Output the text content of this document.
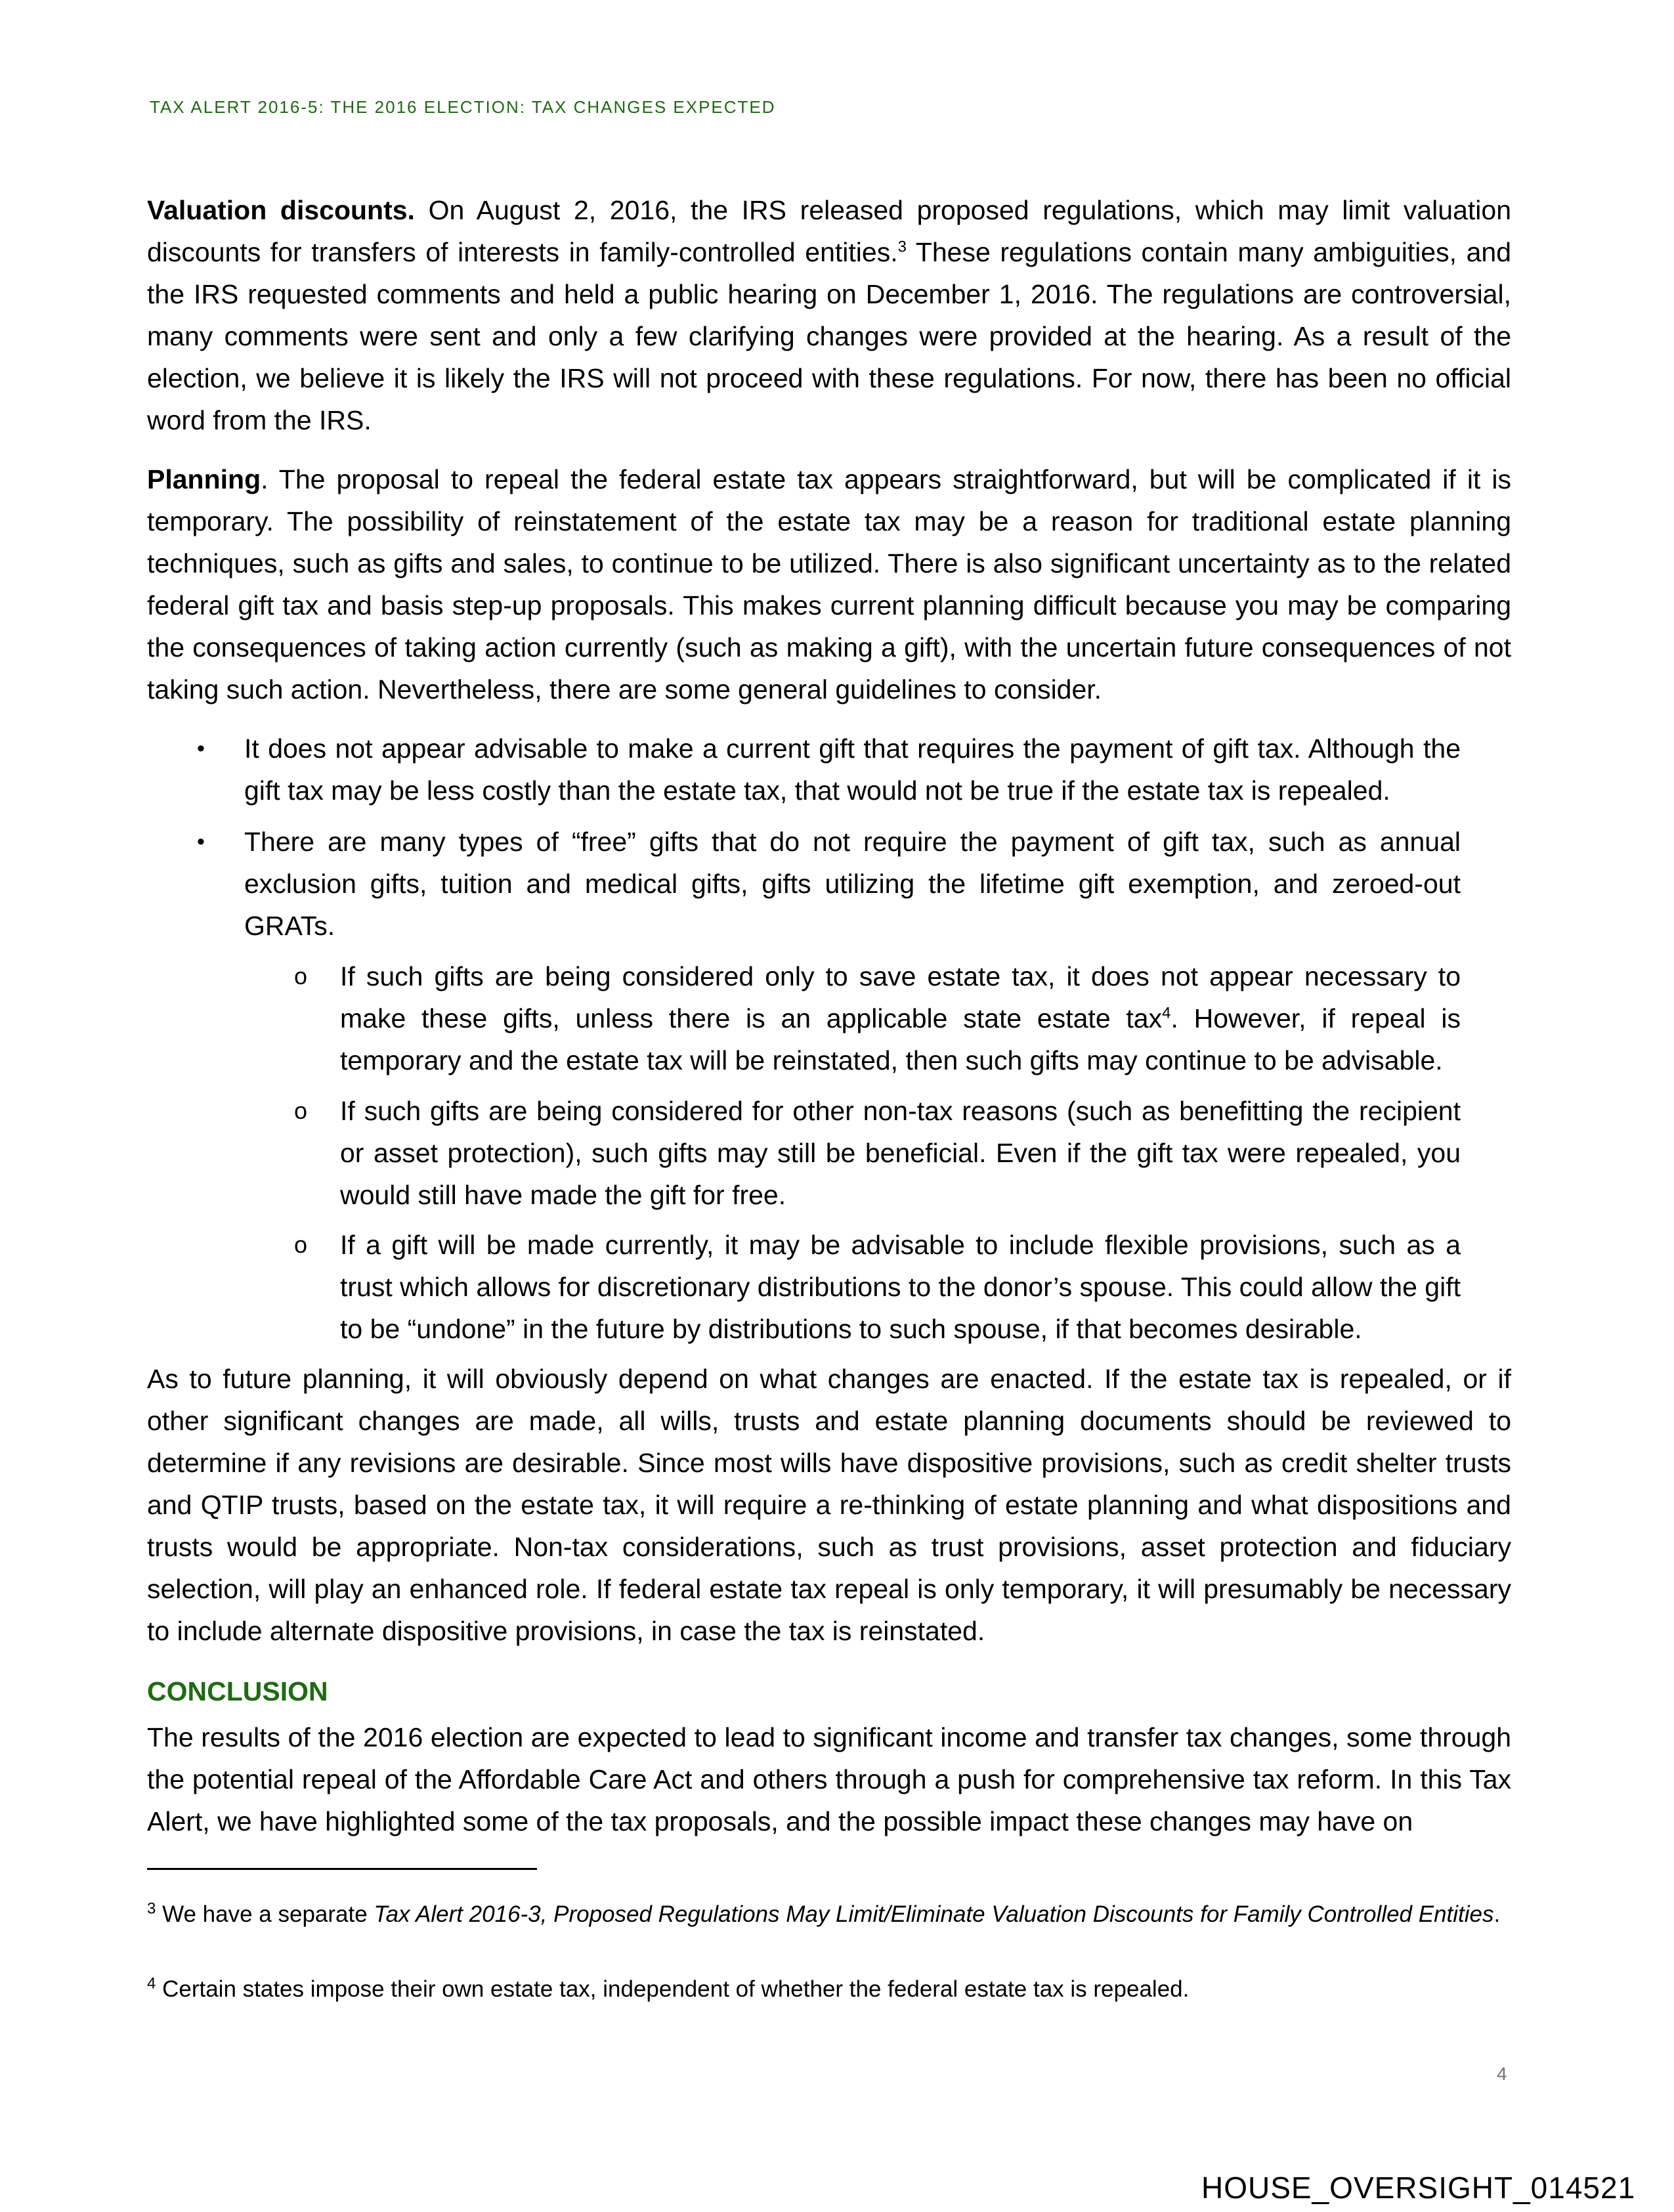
TAX ALERT 2016-5: THE 2016 ELECTION: TAX CHANGES EXPECTED
Valuation discounts. On August 2, 2016, the IRS released proposed regulations, which may limit valuation discounts for transfers of interests in family-controlled entities.$^3$ These regulations contain many ambiguities, and the IRS requested comments and held a public hearing on December 1, 2016. The regulations are controversial, many comments were sent and only a few clarifying changes were provided at the hearing. As a result of the election, we believe it is likely the IRS will not proceed with these regulations. For now, there has been no official word from the IRS.
Planning. The proposal to repeal the federal estate tax appears straightforward, but will be complicated if it is temporary. The possibility of reinstatement of the estate tax may be a reason for traditional estate planning techniques, such as gifts and sales, to continue to be utilized. There is also significant uncertainty as to the related federal gift tax and basis step-up proposals. This makes current planning difficult because you may be comparing the consequences of taking action currently (such as making a gift), with the uncertain future consequences of not taking such action. Nevertheless, there are some general guidelines to consider.
•	It does not appear advisable to make a current gift that requires the payment of gift tax. Although the gift tax may be less costly than the estate tax, that would not be true if the estate tax is repealed.
•	There are many types of “free” gifts that do not require the payment of gift tax, such as annual exclusion gifts, tuition and medical gifts, gifts utilizing the lifetime gift exemption, and zeroed-out GRATs.
o If such gifts are being considered only to save estate tax, it does not appear necessary to make these gifts, unless there is an applicable state estate tax$^4$. However, if repeal is temporary and the estate tax will be reinstated, then such gifts may continue to be advisable.
o If such gifts are being considered for other non-tax reasons (such as benefitting the recipient or asset protection), such gifts may still be beneficial. Even if the gift tax were repealed, you would still have made the gift for free.
o If a gift will be made currently, it may be advisable to include flexible provisions, such as a trust which allows for discretionary distributions to the donor’s spouse. This could allow the gift to be “undone” in the future by distributions to such spouse, if that becomes desirable.
As to future planning, it will obviously depend on what changes are enacted. If the estate tax is repealed, or if other significant changes are made, all wills, trusts and estate planning documents should be reviewed to determine if any revisions are desirable. Since most wills have dispositive provisions, such as credit shelter trusts and QTIP trusts, based on the estate tax, it will require a re-thinking of estate planning and what dispositions and trusts would be appropriate. Non-tax considerations, such as trust provisions, asset protection and fiduciary selection, will play an enhanced role. If federal estate tax repeal is only temporary, it will presumably be necessary to include alternate dispositive provisions, in case the tax is reinstated.
CONCLUSION
The results of the 2016 election are expected to lead to significant income and transfer tax changes, some through the potential repeal of the Affordable Care Act and others through a push for comprehensive tax reform. In this Tax Alert, we have highlighted some of the tax proposals, and the possible impact these changes may have on
$^3$ We have a separate Tax Alert 2016-3, Proposed Regulations May Limit/Eliminate Valuation Discounts for Family Controlled Entities.
$^4$ Certain states impose their own estate tax, independent of whether the federal estate tax is repealed.
4
HOUSE_OVERSIGHT_014521
